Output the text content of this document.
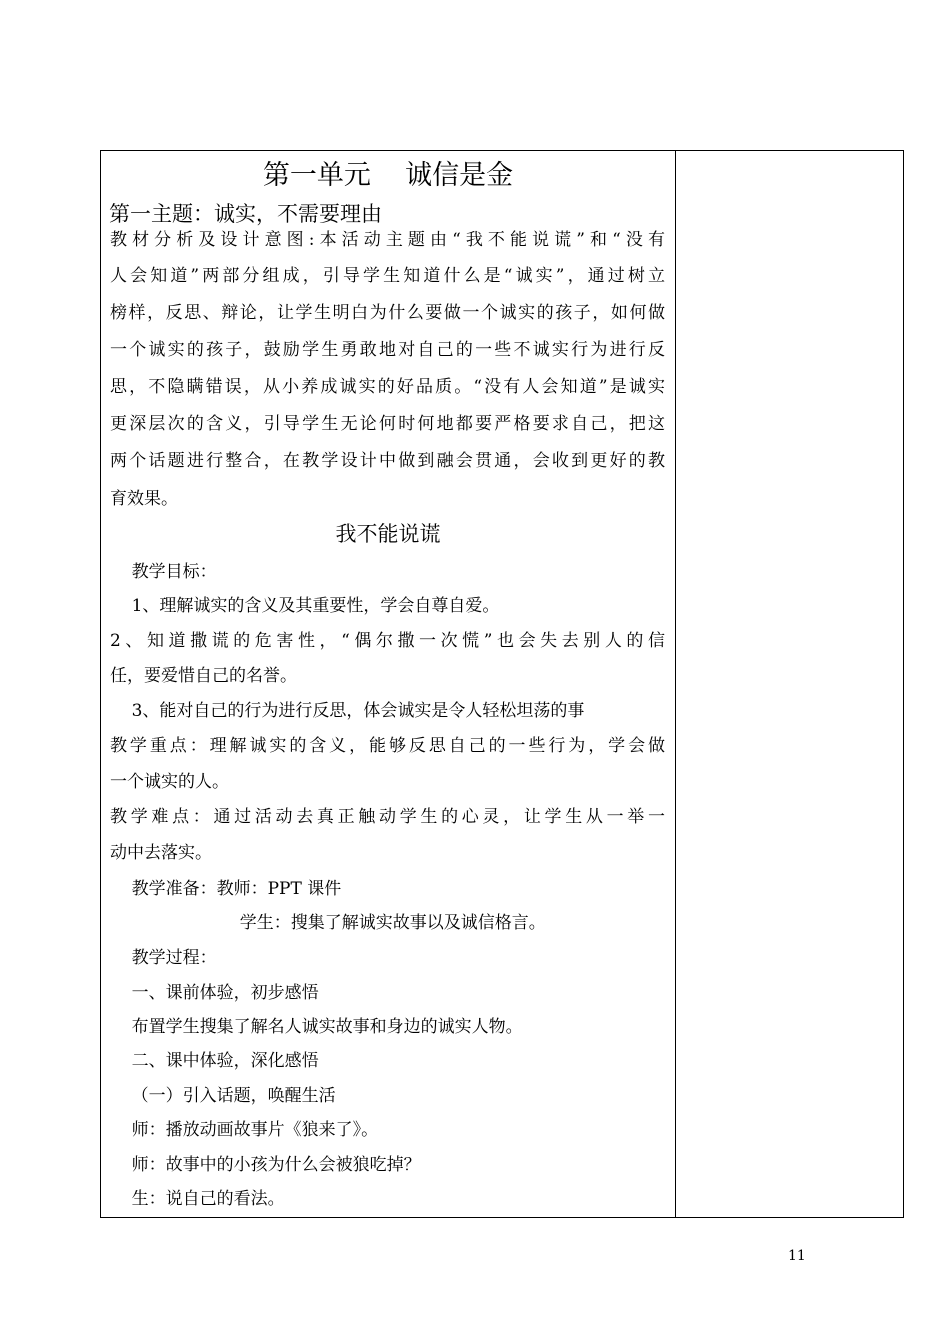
第一单元    诚信是金
第一主题：诚实，不需要理由
教材分析及设计意图:本活动主题由“我不能说谎”和“没有
人会知道”两部分组成，引导学生知道什么是“诚实”，通过树立
榜样，反思、辩论，让学生明白为什么要做一个诚实的孩子，如何做
一个诚实的孩子，鼓励学生勇敢地对自己的一些不诚实行为进行反
思，不隐瞒错误，从小养成诚实的好品质。“没有人会知道”是诚实
更深层次的含义，引导学生无论何时何地都要严格要求自己，把这
两个话题进行整合，在教学设计中做到融会贯通，会收到更好的教
育效果。
我不能说谎
教学目标：
1、理解诚实的含义及其重要性，学会自尊自爱。
2、知道撒谎的危害性，“偶尔撒一次慌”也会失去别人的信
任，要爱惜自己的名誉。
3、能对自己的行为进行反思，体会诚实是令人轻松坦荡的事
教学重点：理解诚实的含义，能够反思自己的一些行为，学会做
一个诚实的人。
教学难点：通过活动去真正触动学生的心灵，让学生从一举一
动中去落实。
教学准备：教师：PPT 课件
学生：搜集了解诚实故事以及诚信格言。
教学过程：
一、课前体验，初步感悟
布置学生搜集了解名人诚实故事和身边的诚实人物。
二、课中体验，深化感悟
（一）引入话题，唤醒生活
师：播放动画故事片《狼来了》。
师：故事中的小孩为什么会被狼吃掉？
生：说自己的看法。
11
